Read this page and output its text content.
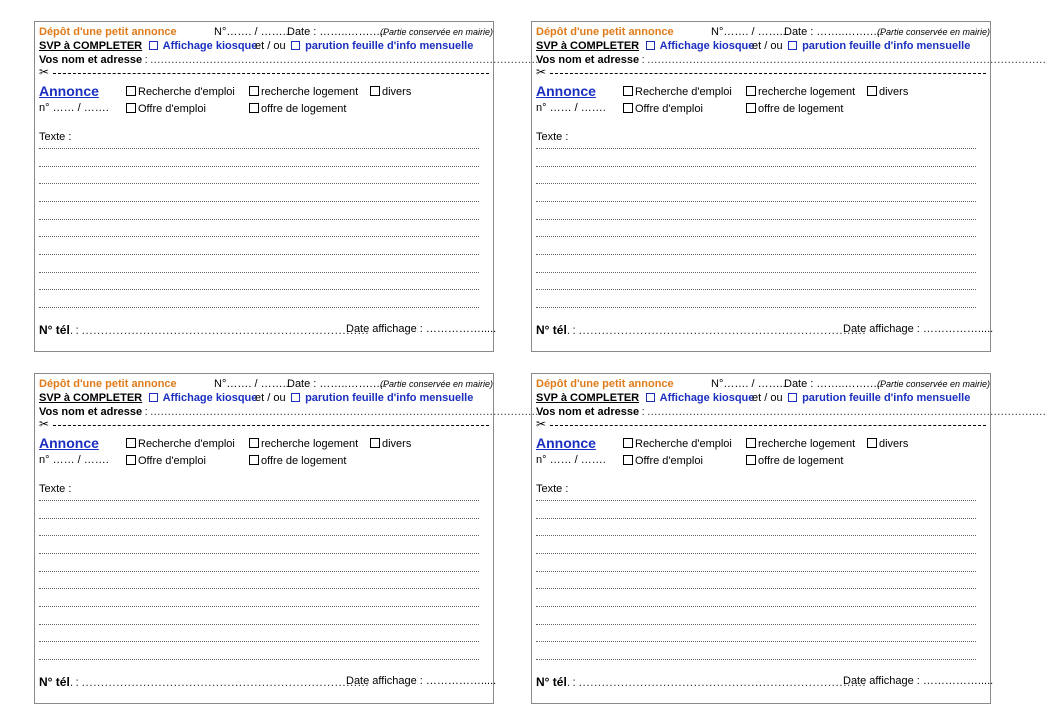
Dépôt d'une petit annonce	N°……. / ……..
Date : ……..…….….
(Partie conservée en mairie)
SVP à COMPLETER	Affichage kiosque
et / ou	parution feuille d'info mensuelle
Vos nom et adresse : ……………………………………………………………………………………………………
✂
Annonce	Recherche d'emploi	recherche logement	divers
n° …… / …….	Offre d'emploi	offre de logement
Texte :
N° tél. : …………………………………………………………………
Date affichage : …………….....
Dépôt d'une petit annonce	N°……. / ……..
Date : ……..…….….
(Partie conservée en mairie)
SVP à COMPLETER	Affichage kiosque
et / ou	parution feuille d'info mensuelle
Vos nom et adresse : ……………………………………………………………………………………………………
✂
Annonce	Recherche d'emploi	recherche logement	divers
n° …… / …….	Offre d'emploi	offre de logement
Texte :
N° tél. : …………………………………………………………………
Date affichage : …………….....
Dépôt d'une petit annonce	N°……. / ……..
Date : ……..…….….
(Partie conservée en mairie)
SVP à COMPLETER	Affichage kiosque
et / ou	parution feuille d'info mensuelle
Vos nom et adresse : ……………………………………………………………………………………………………
✂
Annonce	Recherche d'emploi	recherche logement	divers
n° …… / …….	Offre d'emploi	offre de logement
Texte :
N° tél. : …………………………………………………………………
Date affichage : …………….....
Dépôt d'une petit annonce	N°……. / ……..
Date : ……..…….….
(Partie conservée en mairie)
SVP à COMPLETER	Affichage kiosque
et / ou	parution feuille d'info mensuelle
Vos nom et adresse : ……………………………………………………………………………………………………
✂
Annonce	Recherche d'emploi	recherche logement	divers
n° …… / …….	Offre d'emploi	offre de logement
Texte :
N° tél. : …………………………………………………………………
Date affichage : …………….....
